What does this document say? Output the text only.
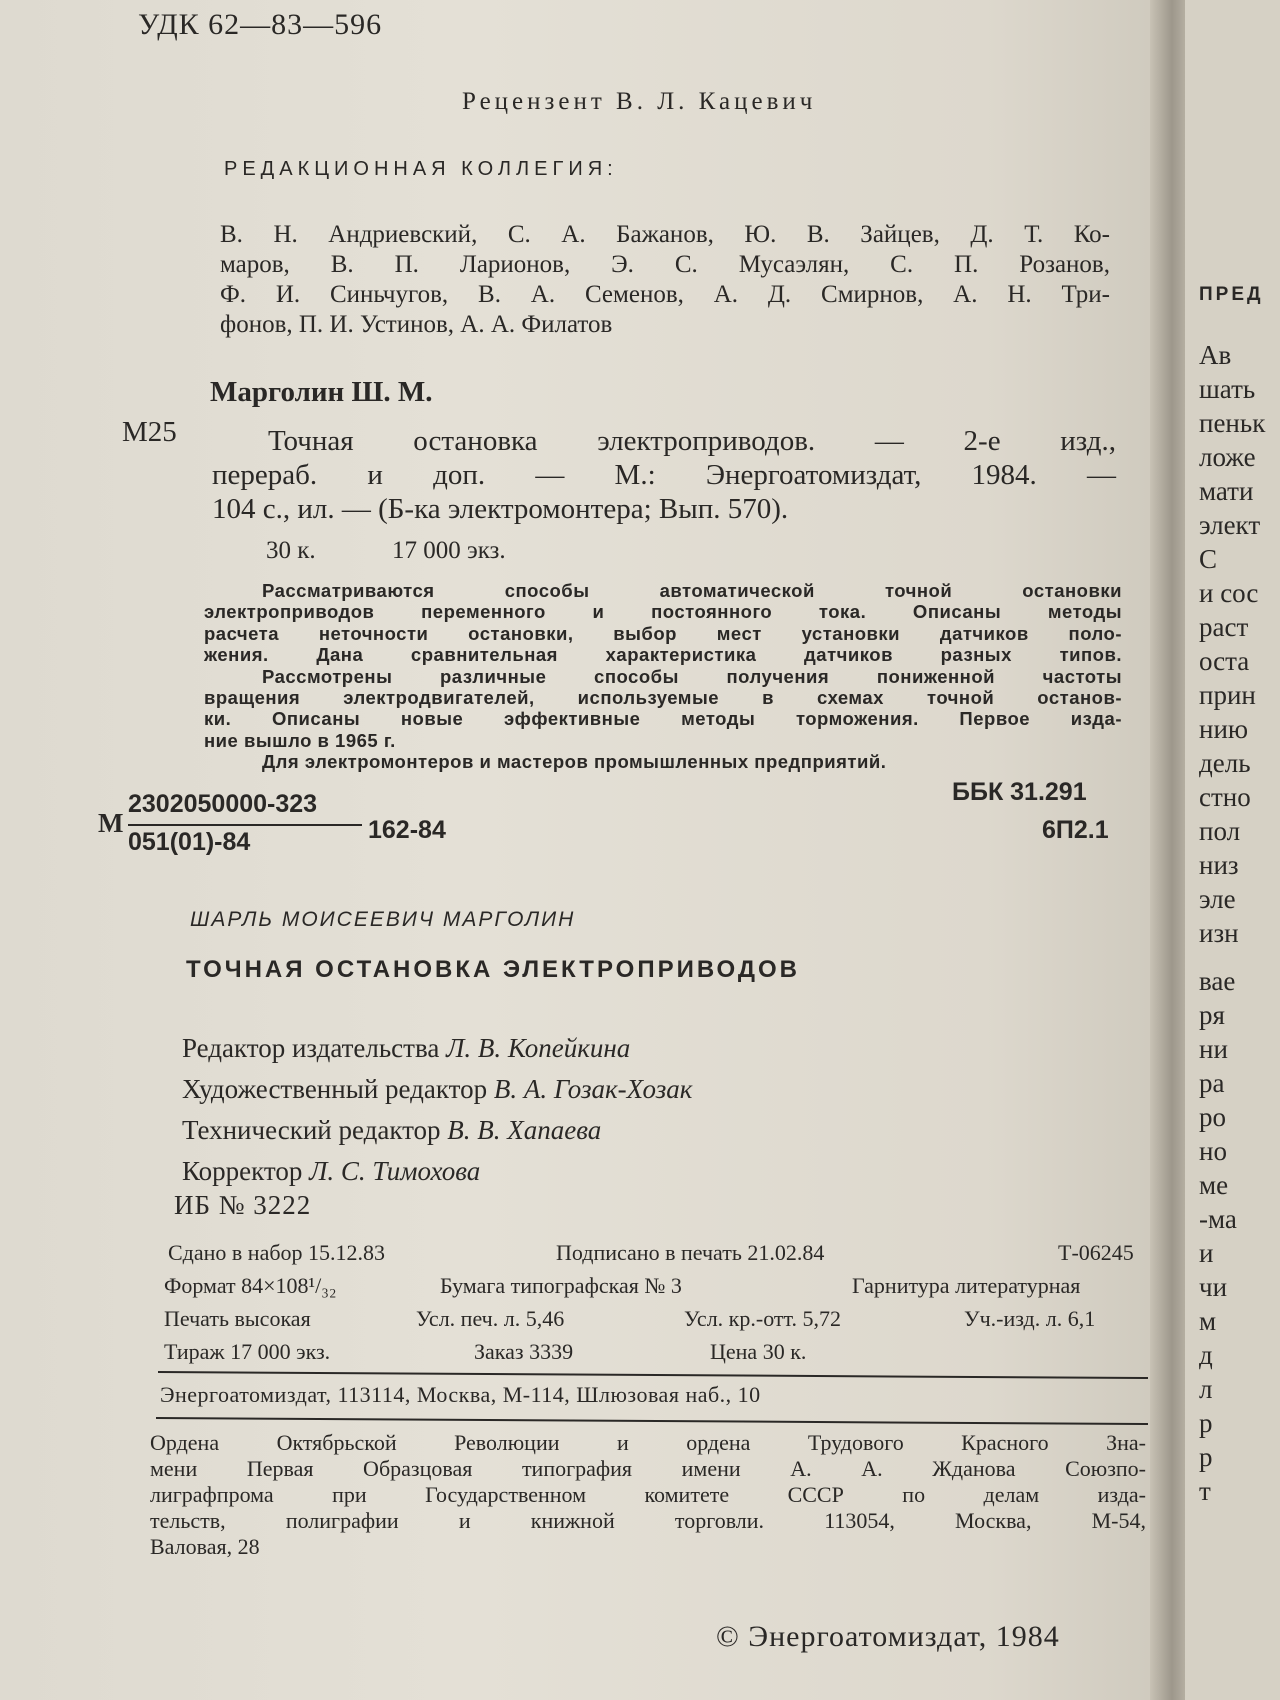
УДК 62—83—596
Рецензент В. Л. Кацевич
РЕДАКЦИОННАЯ КОЛЛЕГИЯ:
В. Н. Андриевский, С. А. Бажанов, Ю. В. Зайцев, Д. Т. Ко-
маров, В. П. Ларионов, Э. С. Мусаэлян, С. П. Розанов,
Ф. И. Синьчугов, В. А. Семенов, А. Д. Смирнов, А. Н. Три-
фонов, П. И. Устинов, А. А. Филатов
Марголин Ш. М.
М25	Точная остановка электроприводов. — 2-е изд.,
перераб. и доп. — М.: Энергоатомиздат, 1984. —
104 с., ил. — (Б-ка электромонтера; Вып. 570).
30 к.	17 000 экз.
Рассматриваются способы автоматической точной остановки
электроприводов переменного и постоянного тока. Описаны методы
расчета неточности остановки, выбор мест установки датчиков поло-
жения. Дана сравнительная характеристика датчиков разных типов.
Рассмотрены различные способы получения пониженной частоты
вращения электродвигателей, используемые в схемах точной останов-
ки. Описаны новые эффективные методы торможения. Первое изда-
ние вышло в 1965 г.
Для электромонтеров и мастеров промышленных предприятий.
ББК 31.291
М
2302050000-323
051(01)-84	162-84	6П2.1
ШАРЛЬ МОИСЕЕВИЧ МАРГОЛИН
ТОЧНАЯ ОСТАНОВКА ЭЛЕКТРОПРИВОДОВ
Редактор издательства Л. В. Копейкина
Художественный редактор В. А. Гозак-Хозак
Технический редактор В. В. Хапаева
Корректор Л. С. Тимохова
ИБ № 3222
Сдано в набор 15.12.83	Подписано в печать 21.02.84	Т-06245
Формат 84×108¹/₃₂	Бумага типографская № 3	Гарнитура литературная
Печать высокая	Усл. печ. л. 5,46	Усл. кр.-отт. 5,72	Уч.-изд. л. 6,1
Тираж 17 000 экз.	Заказ 3339	Цена 30 к.
Энергоатомиздат, 113114, Москва, М-114, Шлюзовая наб., 10
Ордена Октябрьской Революции и ордена Трудового Красного Зна-
мени Первая Образцовая типография имени А. А. Жданова Союзпо-
лиграфпрома при Государственном комитете СССР по делам изда-
тельств, полиграфии и книжной торговли. 113054, Москва, М-54,
Валовая, 28
© Энергоатомиздат, 1984
ПРЕД
Ав
шать
пеньк
ложе
мати
элект
С
и сос
раст
оста
прин
нию
дель
стно
пол
низ
эле
изн
вае
ря
ни
ра
ро
но
ме
-ма
и
чи
м
д
л
р
р
т
